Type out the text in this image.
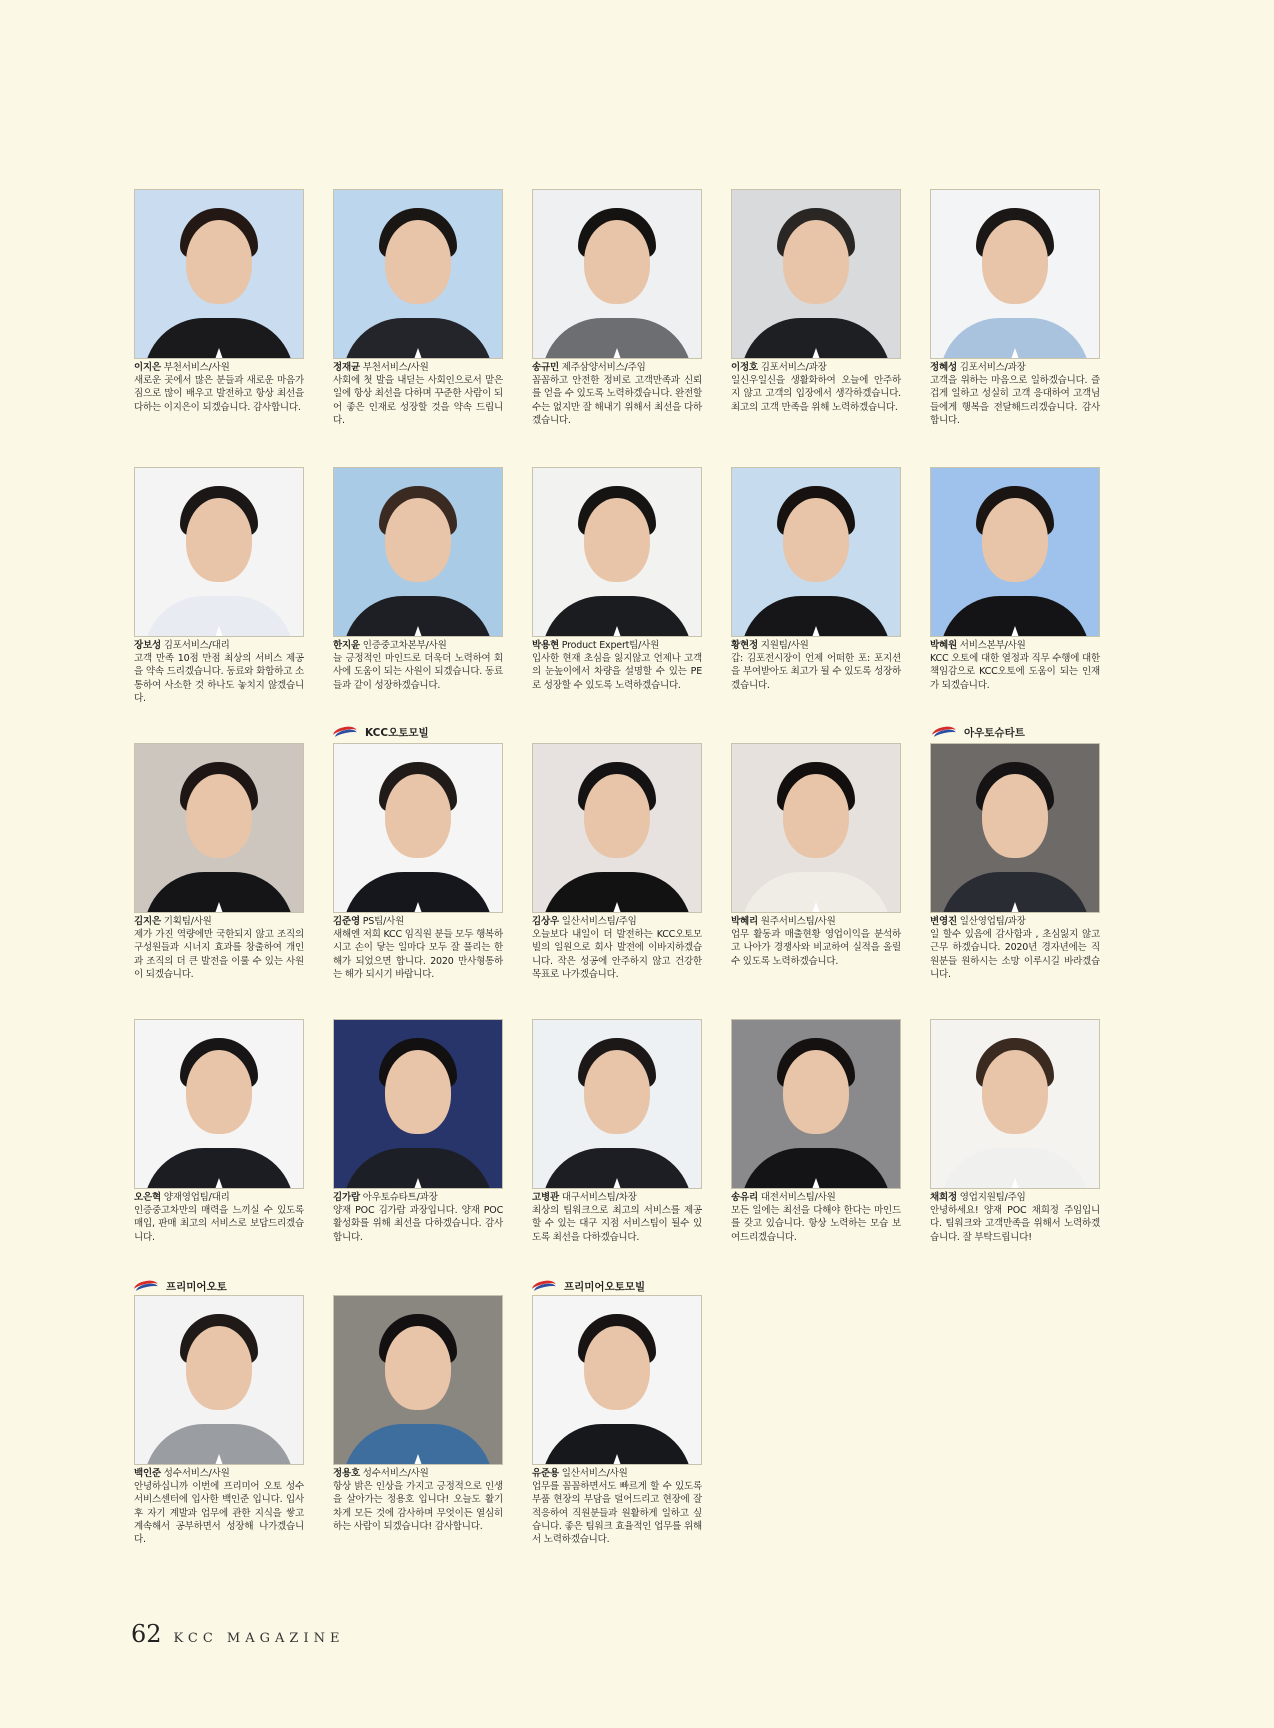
KCC오토모빌	아우토슈타트
프리미어오토	프리미어오토모빌
이지은 부천서비스/사원
새로운 곳에서 많은 분들과 새로운 마음가짐으로 많이 배우고 발전하고 항상 최선을 다하는 이지은이 되겠습니다. 감사합니다.
정재균 부천서비스/사원
사회에 첫 발을 내딛는 사회인으로서 맡은 일에 항상 최선을 다하며 꾸준한 사람이 되어 좋은 인재로 성장할 것을 약속 드립니다.
송규민 제주삼양서비스/주임
꼼꼼하고 안전한 정비로 고객만족과 신뢰를 얻을 수 있도록 노력하겠습니다. 완전할 수는 없지만 잘 해내기 위해서 최선을 다하겠습니다.
이정호 김포서비스/과장
일신우일신을 생활화하여 오늘에 안주하지 않고 고객의 입장에서 생각하겠습니다. 최고의 고객 만족을 위해 노력하겠습니다.
정혜성 김포서비스/과장
고객을 위하는 마음으로 일하겠습니다. 즐겁게 일하고 성실히 고객 응대하여 고객님들에게 행복을 전달해드리겠습니다. 감사합니다.
장보성 김포서비스/대리
고객 만족 10점 만점 최상의 서비스 제공을 약속 드리겠습니다. 동료와 화합하고 소통하여 사소한 것 하나도 놓치지 않겠습니다.
한지윤 인증중고차본부/사원
늘 긍정적인 마인드로 더욱더 노력하여 회사에 도움이 되는 사원이 되겠습니다. 동료들과 같이 성장하겠습니다.
박용현 Product Expert팀/사원
입사한 현재 초심을 잃지않고 언제나 고객의 눈높이에서 차량을 설명할 수 있는 PE로 성장할 수 있도록 노력하겠습니다.
황현정 지원팀/사원
갑: 김포전시장이 언제 어떠한 포: 포지션을 부여받아도 최고가 될 수 있도록 성장하겠습니다.
박혜원 서비스본부/사원
KCC 오토에 대한 열정과 직무 수행에 대한 책임감으로 KCC오토에 도움이 되는 인재가 되겠습니다.
김지은 기획팀/사원
제가 가진 역량에만 국한되지 않고 조직의 구성원들과 시너지 효과를 창출하여 개인과 조직의 더 큰 발전을 이룰 수 있는 사원이 되겠습니다.
김준영 PS팀/사원
새해엔 저희 KCC 임직원 분들 모두 행복하시고 손이 닿는 일마다 모두 잘 풀리는 한 해가 되었으면 합니다. 2020 만사형통하는 해가 되시기 바랍니다.
김상우 일산서비스팀/주임
오늘보다 내일이 더 발전하는 KCC오토모빌의 일원으로 회사 발전에 이바지하겠습니다. 작은 성공에 안주하지 않고 건강한 목표로 나가겠습니다.
박혜리 원주서비스팀/사원
업무 활동과 매출현황 영업이익을 분석하고 나아가 경쟁사와 비교하여 실적을 올릴 수 있도록 노력하겠습니다.
변영진 일산영업팀/과장
일 할수 있음에 감사함과 , 초심잃지 않고 근무 하겠습니다. 2020년 경자년에는 직원분들 원하시는 소망 이루시길 바라겠습니다.
오은혁 양재영업팀/대리
인증중고차만의 매력을 느끼실 수 있도록 매입, 판매 최고의 서비스로 보답드리겠습니다.
김가람 아우토슈타트/과장
양재 POC 김가람 과장입니다. 양재 POC 활성화를 위해 최선을 다하겠습니다. 감사합니다.
고병관 대구서비스팀/차장
최상의 팀워크으로 최고의 서비스를 제공할 수 있는 대구 지점 서비스팀이 될수 있도록 최선을 다하겠습니다.
송유리 대전서비스팀/사원
모든 일에는 최선을 다해야 한다는 마인드를 갖고 있습니다. 항상 노력하는 모습 보여드리겠습니다.
채희정 영업지원팀/주임
안녕하세요! 양재 POC 채희정 주임입니다. 팀워크와 고객만족을 위해서 노력하겠습니다. 잘 부탁드립니다!
백인준 성수서비스/사원
안녕하십니까 이번에 프리미어 오토 성수 서비스센터에 입사한 백인준 입니다. 입사 후 자기 계발과 업무에 관한 지식을 쌓고 계속해서 공부하면서 성장해 나가겠습니다.
정용호 성수서비스/사원
항상 밝은 인상을 가지고 긍정적으로 인생을 살아가는 정용호 입니다! 오늘도 활기차게 모든 것에 감사하며 무엇이든 열심히 하는 사람이 되겠습니다! 감사합니다.
유준용 일산서비스/사원
업무를 꼼꼼하면서도 빠르게 할 수 있도록 부품 현장의 부담을 덜어드리고 현장에 잘 적응하여 직원분들과 원활하게 일하고 싶습니다. 좋은 팀워크 효율적인 업무를 위해서 노력하겠습니다.
62 KCC MAGAZINE
